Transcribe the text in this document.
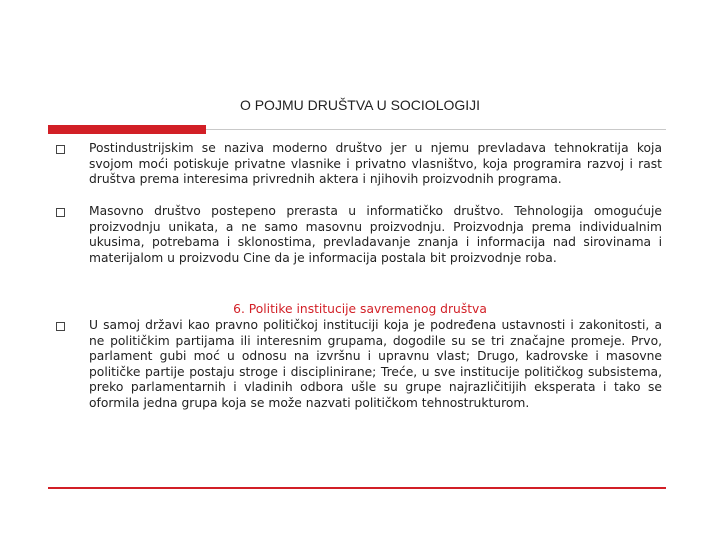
O POJMU DRUŠTVA U SOCIOLOGIJI
Postindustrijskim se naziva moderno društvo jer u njemu prevladava tehnokratija koja svojom moći potiskuje privatne vlasnike i privatno vlasništvo, koja programira razvoj i rast društva prema interesima privrednih aktera i njihovih proizvodnih programa.
Masovno društvo postepeno prerasta u informatičko društvo. Tehnologija omogućuje proizvodnju unikata, a ne samo masovnu proizvodnju. Proizvodnja prema individualnim ukusima, potrebama i sklonostima, prevladavanje znanja i informacija nad sirovinama i materijalom u proizvodu Cine da je informacija postala bit proizvodnje roba.
6. Politike institucije savremenog društva
U samoj državi kao pravno političkoj instituciji koja je podređena ustavnosti i zakonitosti, a ne političkim partijama ili interesnim grupama, dogodile su se tri značajne promeje. Prvo, parlament gubi moć u odnosu na izvršnu i upravnu vlast; Drugo, kadrovske i masovne političke partije postaju stroge i disciplinirane; Treće, u sve institucije političkog subsistema, preko parlamentarnih i vladinih odbora ušle su grupe najrazličitijih eksperata i tako se oformila jedna grupa koja se može nazvati političkom tehnostrukturom.
